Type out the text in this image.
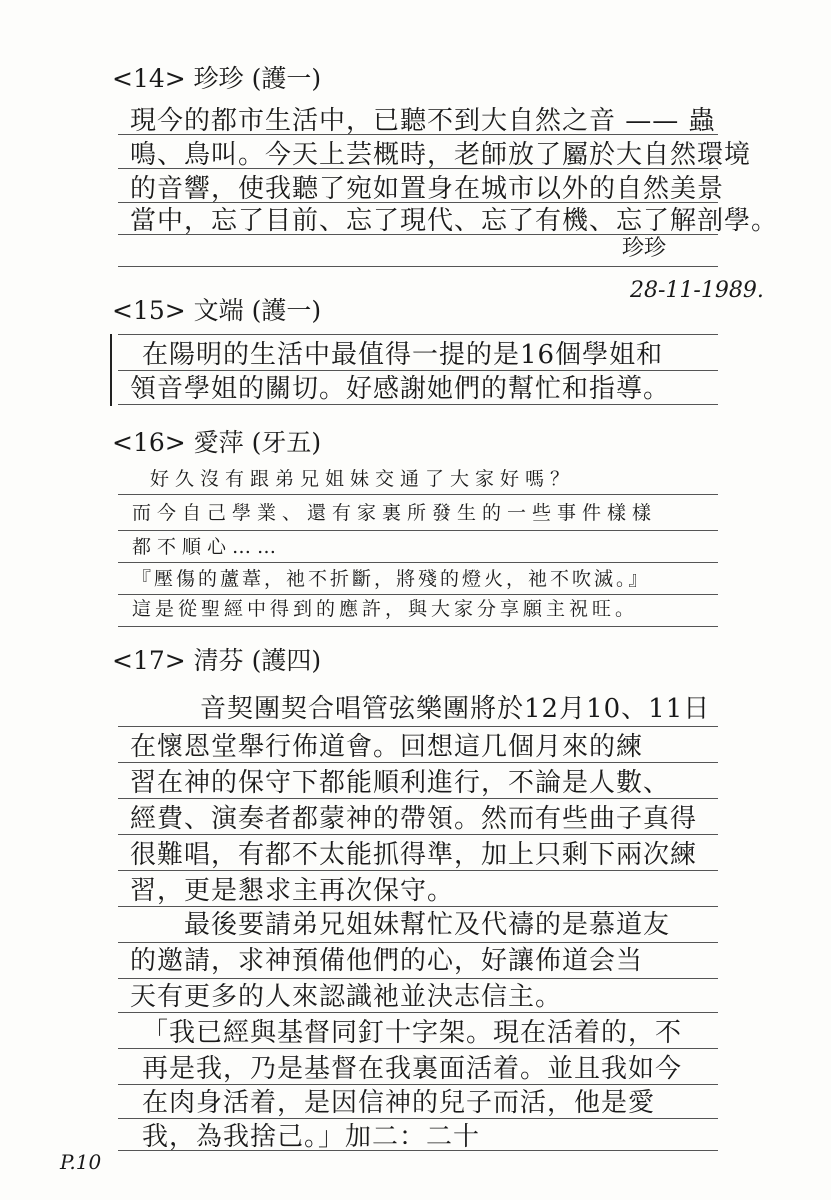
<14> 珍珍 (護一)
現今的都市生活中，已聽不到大自然之音 —— 蟲
鳴、鳥叫。今天上芸概時，老師放了屬於大自然環境
的音響，使我聽了宛如置身在城市以外的自然美景
當中，忘了目前、忘了現代、忘了有機、忘了解剖學。
珍珍
28-11-1989.
<15> 文端 (護一)
在陽明的生活中最值得一提的是16個學姐和
領音學姐的關切。好感謝她們的幫忙和指導。
<16> 愛萍 (牙五)
好久沒有跟弟兄姐妹交通了大家好嗎？
而今自己學業、還有家裏所發生的一些事件樣樣
都不順心……
『壓傷的蘆葦，祂不折斷，將殘的燈火，祂不吹滅。』
這是從聖經中得到的應許，與大家分享願主祝旺。
<17> 清芬 (護四)
音契團契合唱管弦樂團將於12月10、11日
在懷恩堂舉行佈道會。回想這几個月來的練
習在神的保守下都能順利進行，不論是人數、
經費、演奏者都蒙神的帶領。然而有些曲子真得
很難唱，有都不太能抓得準，加上只剩下兩次練
習，更是懇求主再次保守。
最後要請弟兄姐妹幫忙及代禱的是慕道友
的邀請，求神預備他們的心，好讓佈道会当
天有更多的人來認識祂並決志信主。
「我已經與基督同釘十字架。現在活着的，不
再是我，乃是基督在我裏面活着。並且我如今
在肉身活着，是因信神的兒子而活，他是愛
我，為我捨己。」加二：二十
P.10
